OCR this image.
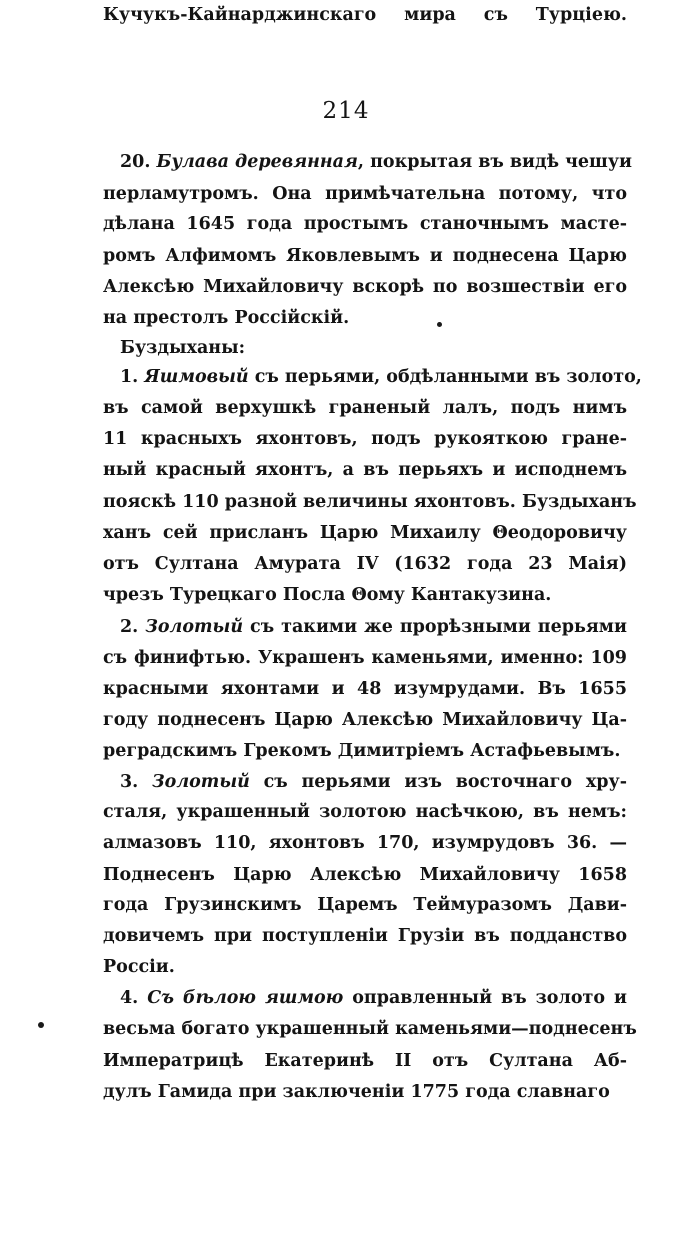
214
20. Булава деревянная, покрытая въ видѣ чешуи
перламутромъ. Она примѣчательна потому, что
дѣлана 1645 года простымъ станочнымъ масте-
ромъ Алфимомъ Яковлевымъ и поднесена Царю
Алексѣю Михайловичу вскорѣ по возшествіи его
на престолъ Россійскій.
Буздыханы:
1. Яшмовый съ перьями, обдѣланными въ золото,
въ самой верхушкѣ граненый лалъ, подъ нимъ
11 красныхъ яхонтовъ, подъ рукояткою гране-
ный красный яхонтъ, а въ перьяхъ и исподнемъ
пояскѣ 110 разной величины яхонтовъ. Буздыханъ
ханъ сей присланъ Царю Михаилу Θеодоровичу
отъ Султана Амурата IV (1632 года 23 Маія)
чрезъ Турецкаго Посла Θому Кантакузина.
2. Золотый съ такими же прорѣзными перьями
съ финифтью. Украшенъ каменьями, именно: 109
красными яхонтами и 48 изумрудами. Въ 1655
году поднесенъ Царю Алексѣю Михайловичу Ца-
реградскимъ Грекомъ Димитріемъ Астафьевымъ.
3. Золотый съ перьями изъ восточнаго хру-
сталя, украшенный золотою насѣчкою, въ немъ:
алмазовъ 110, яхонтовъ 170, изумрудовъ 36. —
Поднесенъ Царю Алексѣю Михайловичу 1658
года Грузинскимъ Царемъ Теймуразомъ Дави-
довичемъ при поступленіи Грузіи въ подданство
Россіи.
4. Съ бѣлою яшмою оправленный въ золото и
весьма богато украшенный каменьями—поднесенъ
Императрицѣ Екатеринѣ II отъ Султана Аб-
дулъ Гамида при заключеніи 1775 года славнаго
Кучукъ-Кайнарджинскаго мира съ Турціею.
